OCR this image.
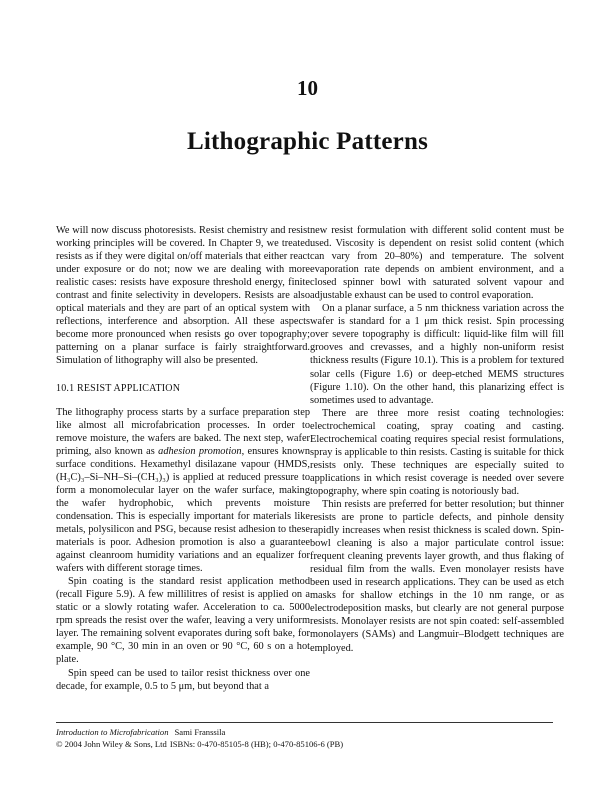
10
Lithographic Patterns

We will now discuss photoresists. Resist chemistry and resist working principles will be covered. In Chapter 9, we treated resists as if they were digital on/off materials that either react under exposure or do not; now we are dealing with more realistic cases: resists have exposure threshold energy, finite contrast and finite selectivity in developers. Resists are also optical materials and they are part of an optical system with reflections, interference and absorption. All these aspects become more pronounced when resists go over topography; patterning on a planar surface is fairly straightforward. Simulation of lithography will also be presented.

10.1 RESIST APPLICATION

The lithography process starts by a surface preparation step like almost all microfabrication processes. In order to remove moisture, the wafers are baked. The next step, wafer priming, also known as adhesion promotion, ensures known surface conditions. Hexamethyl disilazane vapour (HMDS, (H₃C)₃–Si–NH–Si–(CH₃)₃) is applied at reduced pressure to form a monomolecular layer on the wafer surface, making the wafer hydrophobic, which prevents moisture condensation. This is especially important for materials like metals, polysilicon and PSG, because resist adhesion to these materials is poor. Adhesion promotion is also a guarantee against cleanroom humidity variations and an equalizer for wafers with different storage times.

Spin coating is the standard resist application method (recall Figure 5.9). A few millilitres of resist is applied on a static or a slowly rotating wafer. Acceleration to ca. 5000 rpm spreads the resist over the wafer, leaving a very uniform layer. The remaining solvent evaporates during soft bake, for example, 90 °C, 30 min in an oven or 90 °C, 60 s on a hot plate.

Spin speed can be used to tailor resist thickness over one decade, for example, 0.5 to 5 μm, but beyond that a

new resist formulation with different solid content must be used. Viscosity is dependent on resist solid content (which can vary from 20–80%) and temperature. The solvent evaporation rate depends on ambient environment, and a closed spinner bowl with saturated solvent vapour and adjustable exhaust can be used to control evaporation.

On a planar surface, a 5 nm thickness variation across the wafer is standard for a 1 μm thick resist. Spin processing over severe topography is difficult: liquid-like film will fill grooves and crevasses, and a highly non-uniform resist thickness results (Figure 10.1). This is a problem for textured solar cells (Figure 1.6) or deep-etched MEMS structures (Figure 1.10). On the other hand, this planarizing effect is sometimes used to advantage.

There are three more resist coating technologies: electrochemical coating, spray coating and casting. Electrochemical coating requires special resist formulations, spray is applicable to thin resists. Casting is suitable for thick resists only. These techniques are especially suited to applications in which resist coverage is needed over severe topography, where spin coating is notoriously bad.

Thin resists are preferred for better resolution; but thinner resists are prone to particle defects, and pinhole density rapidly increases when resist thickness is scaled down. Spin-bowl cleaning is also a major particulate control issue: frequent cleaning prevents layer growth, and thus flaking of residual film from the walls. Even monolayer resists have been used in research applications. They can be used as etch masks for shallow etchings in the 10 nm range, or as electrodeposition masks, but clearly are not general purpose resists. Monolayer resists are not spin coated: self-assembled monolayers (SAMs) and Langmuir–Blodgett techniques are employed.

Introduction to Microfabrication Sami Franssila
© 2004 John Wiley & Sons, Ltd ISBNs: 0-470-85105-8 (HB); 0-470-85106-6 (PB)
